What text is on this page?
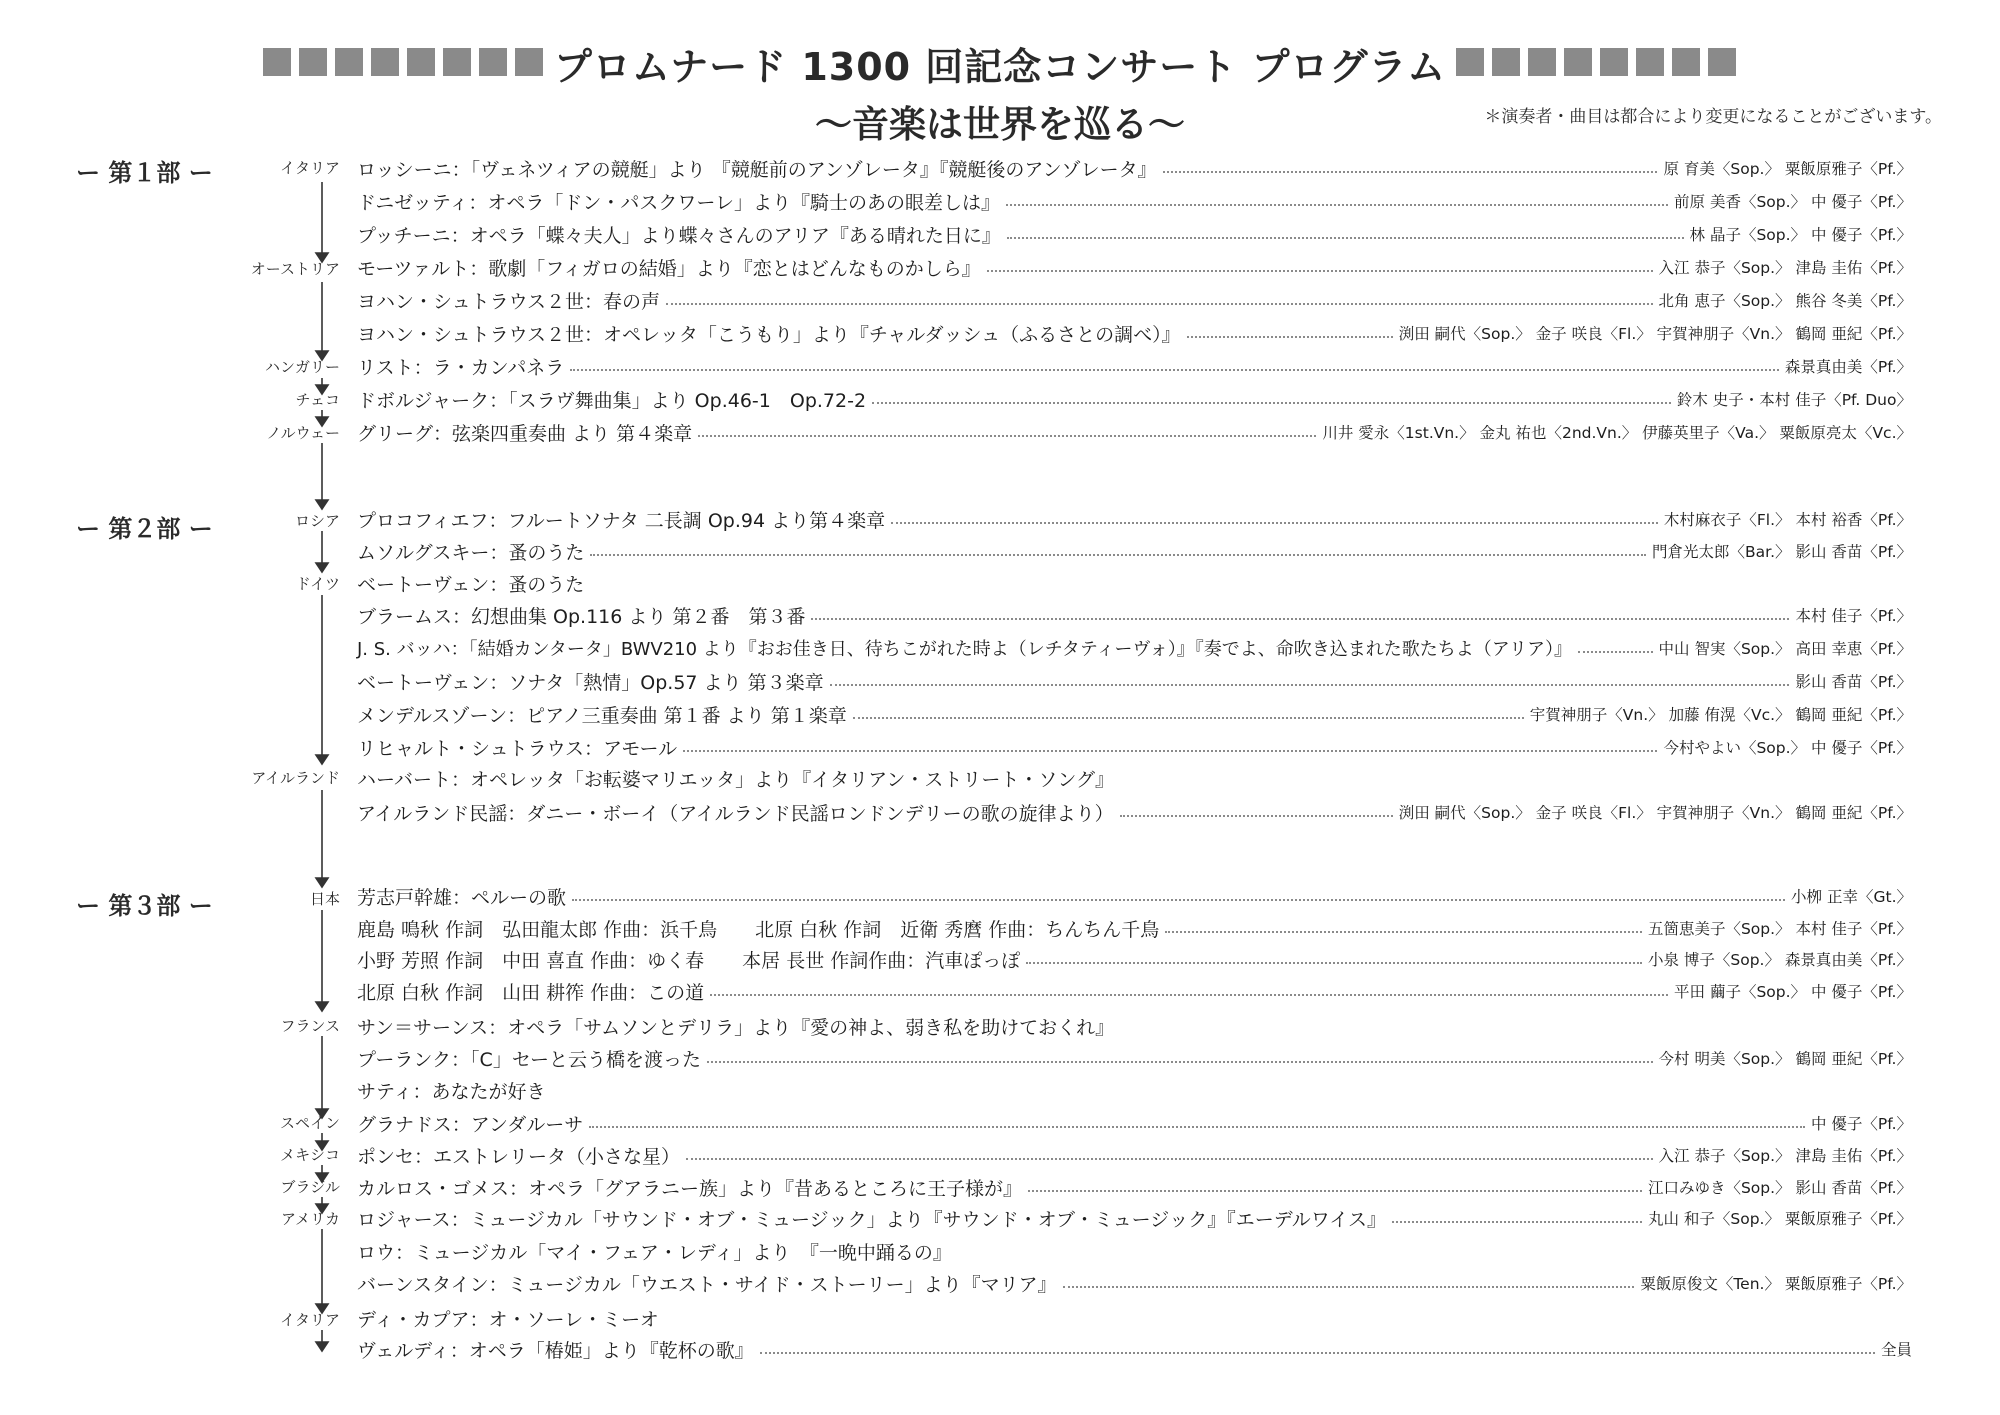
プロムナード 1300 回記念コンサート プログラム
～音楽は世界を巡る～	＊演奏者・曲目は都合により変更になることがございます。
ー 第１部 ー
ー 第２部 ー
ー 第３部 ー
イタリア
オーストリア
ハンガリー
チェコ
ノルウェー
ロシア
ドイツ
アイルランド
日本
フランス
スペイン
メキシコ
ブラジル
アメリカ
イタリア
ロッシーニ：「ヴェネツィアの競艇」より 『競艇前のアンゾレータ』『競艇後のアンゾレータ』	原 育美〈Sop.〉 粟飯原雅子〈Pf.〉
ドニゼッティ：オペラ「ドン・パスクワーレ」より『騎士のあの眼差しは』	前原 美香〈Sop.〉 中 優子〈Pf.〉
プッチーニ：オペラ「蝶々夫人」より蝶々さんのアリア『ある晴れた日に』	林 晶子〈Sop.〉 中 優子〈Pf.〉
モーツァルト：歌劇「フィガロの結婚」より『恋とはどんなものかしら』	入江 恭子〈Sop.〉 津島 圭佑〈Pf.〉
ヨハン・シュトラウス２世：春の声	北角 恵子〈Sop.〉 熊谷 冬美〈Pf.〉
ヨハン・シュトラウス２世：オペレッタ「こうもり」より『チャルダッシュ（ふるさとの調べ）』	渕田 嗣代〈Sop.〉 金子 咲良〈Fl.〉 宇賀神朋子〈Vn.〉 鶴岡 亜紀〈Pf.〉
リスト：ラ・カンパネラ	森景真由美〈Pf.〉
ドボルジャーク：「スラヴ舞曲集」より Op.46-1　Op.72-2	鈴木 史子・本村 佳子〈Pf. Duo〉
グリーグ：弦楽四重奏曲 より 第４楽章	川井 愛永〈1st.Vn.〉 金丸 祐也〈2nd.Vn.〉 伊藤英里子〈Va.〉 粟飯原亮太〈Vc.〉
プロコフィエフ：フルートソナタ 二長調 Op.94 より第４楽章	木村麻衣子〈Fl.〉 本村 裕香〈Pf.〉
ムソルグスキー：蚤のうた	門倉光太郎〈Bar.〉 影山 香苗〈Pf.〉
ベートーヴェン：蚤のうた
ブラームス：幻想曲集 Op.116 より 第２番　第３番	本村 佳子〈Pf.〉
J. S. バッハ：「結婚カンタータ」BWV210 より『おお佳き日、待ちこがれた時よ（レチタティーヴォ）』『奏でよ、命吹き込まれた歌たちよ（アリア）』	中山 智実〈Sop.〉 高田 幸恵〈Pf.〉
ベートーヴェン：ソナタ「熱情」Op.57 より 第３楽章	影山 香苗〈Pf.〉
メンデルスゾーン：ピアノ三重奏曲 第１番 より 第１楽章	宇賀神朋子〈Vn.〉 加藤 侑滉〈Vc.〉 鶴岡 亜紀〈Pf.〉
リヒャルト・シュトラウス：アモール	今村やよい〈Sop.〉 中 優子〈Pf.〉
ハーバート：オペレッタ「お転婆マリエッタ」より『イタリアン・ストリート・ソング』
アイルランド民謡：ダニー・ボーイ（アイルランド民謡ロンドンデリーの歌の旋律より）	渕田 嗣代〈Sop.〉 金子 咲良〈Fl.〉 宇賀神朋子〈Vn.〉 鶴岡 亜紀〈Pf.〉
芳志戸幹雄：ペルーの歌	小栁 正幸〈Gt.〉
鹿島 鳴秋 作詞　弘田龍太郎 作曲：浜千鳥　　北原 白秋 作詞　近衛 秀麿 作曲：ちんちん千鳥	五箇恵美子〈Sop.〉 本村 佳子〈Pf.〉
小野 芳照 作詞　中田 喜直 作曲：ゆく春　　本居 長世 作詞作曲：汽車ぽっぽ	小泉 博子〈Sop.〉 森景真由美〈Pf.〉
北原 白秋 作詞　山田 耕筰 作曲：この道	平田 繭子〈Sop.〉 中 優子〈Pf.〉
サン＝サーンス：オペラ「サムソンとデリラ」より『愛の神よ、弱き私を助けておくれ』
プーランク：「C」セーと云う橋を渡った	今村 明美〈Sop.〉 鶴岡 亜紀〈Pf.〉
サティ：あなたが好き
グラナドス：アンダルーサ	中 優子〈Pf.〉
ポンセ：エストレリータ（小さな星）	入江 恭子〈Sop.〉 津島 圭佑〈Pf.〉
カルロス・ゴメス：オペラ「グアラニー族」より『昔あるところに王子様が』	江口みゆき〈Sop.〉 影山 香苗〈Pf.〉
ロジャース：ミュージカル「サウンド・オブ・ミュージック」より『サウンド・オブ・ミュージック』『エーデルワイス』	丸山 和子〈Sop.〉 粟飯原雅子〈Pf.〉
ロウ：ミュージカル「マイ・フェア・レディ」より　『一晩中踊るの』
バーンスタイン：ミュージカル「ウエスト・サイド・ストーリー」より『マリア』	粟飯原俊文〈Ten.〉 粟飯原雅子〈Pf.〉
ディ・カプア：オ・ソーレ・ミーオ
ヴェルディ：オペラ「椿姫」より『乾杯の歌』	全員
